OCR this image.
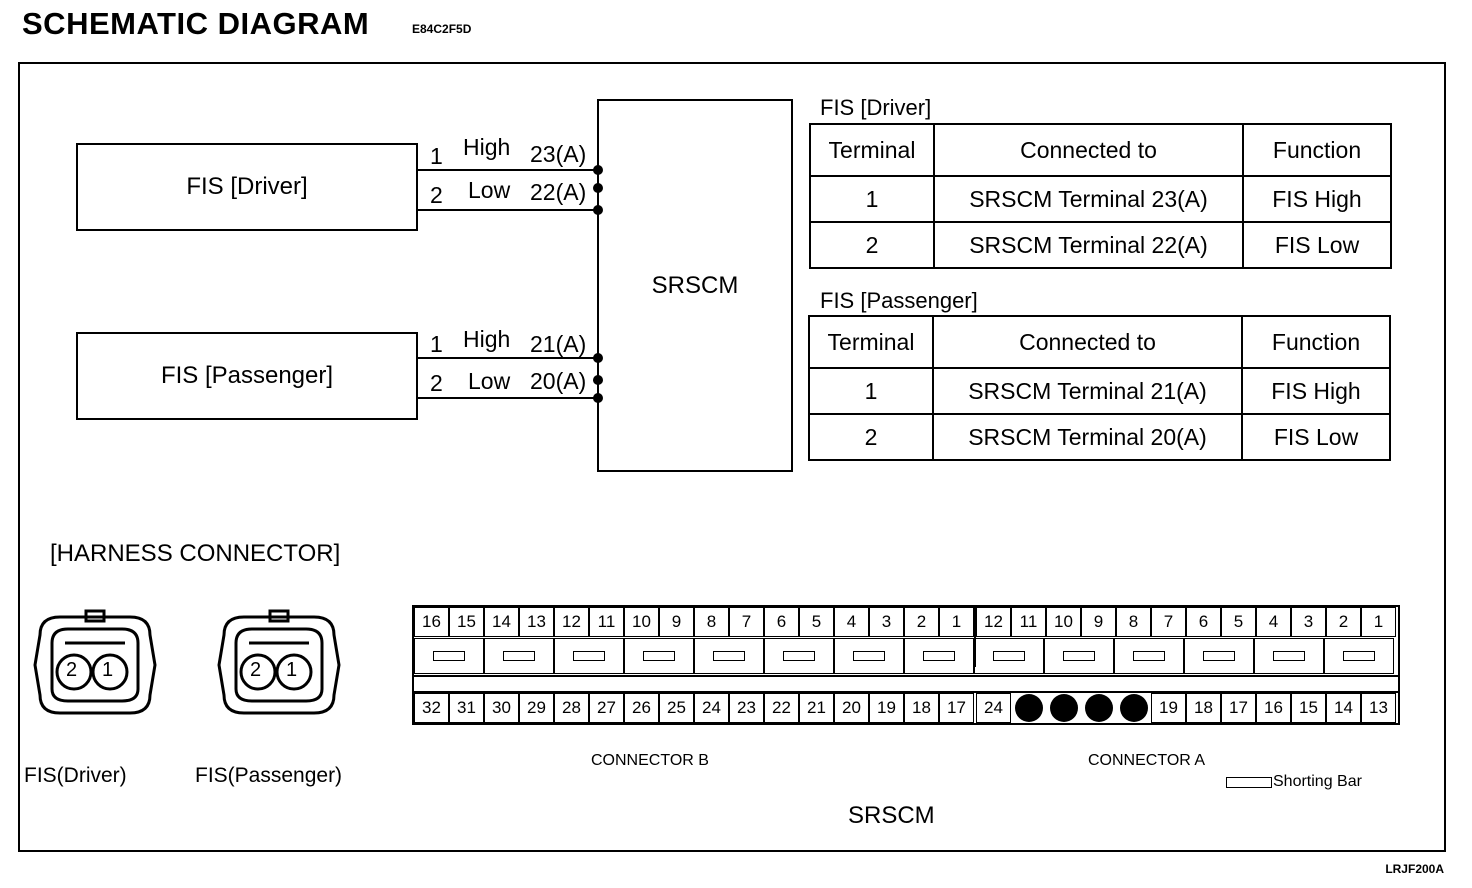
SCHEMATIC DIAGRAM	E84C2F5D
FIS [Driver]
FIS [Passenger]
SRSCM
1 High 23(A)
2 Low 22(A)
1 High 21(A)
2 Low 20(A)
FIS [Driver]
Terminal	Connected to	Function
1	SRSCM Terminal 23(A)	FIS High
2	SRSCM Terminal 22(A)	FIS Low
FIS [Passenger]
Terminal	Connected to	Function
1	SRSCM Terminal 21(A)	FIS High
2	SRSCM Terminal 20(A)	FIS Low
[HARNESS CONNECTOR]
2 1	2 1
FIS(Driver)	FIS(Passenger)
16 15 14 13 12 11 10	9	8	7	6	5	4	3	2	1	12 11 10	9	8	7	6	5	4	3	2	1
32 31 30 29 28 27 26 25 24 23 22 21 20 19 18 17	24	19 18 17 16 15 14 13
CONNECTOR B	CONNECTOR A
Shorting Bar
SRSCM
LRJF200A
